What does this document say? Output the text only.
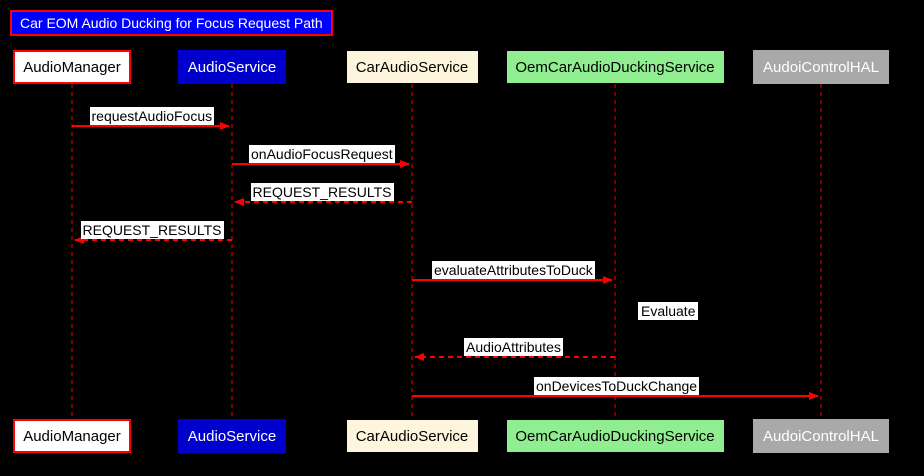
Car EOM Audio Ducking for Focus Request Path
AudioManager	AudioService	CarAudioService	OemCarAudioDuckingService	AudoiControlHAL
AudioManager	AudioService	CarAudioService	OemCarAudioDuckingService	AudoiControlHAL
requestAudioFocus
onAudioFocusRequest
REQUEST_RESULTS
REQUEST_RESULTS
evaluateAttributesToDuck
AudioAttributes
onDevicesToDuckChange
Evaluate
